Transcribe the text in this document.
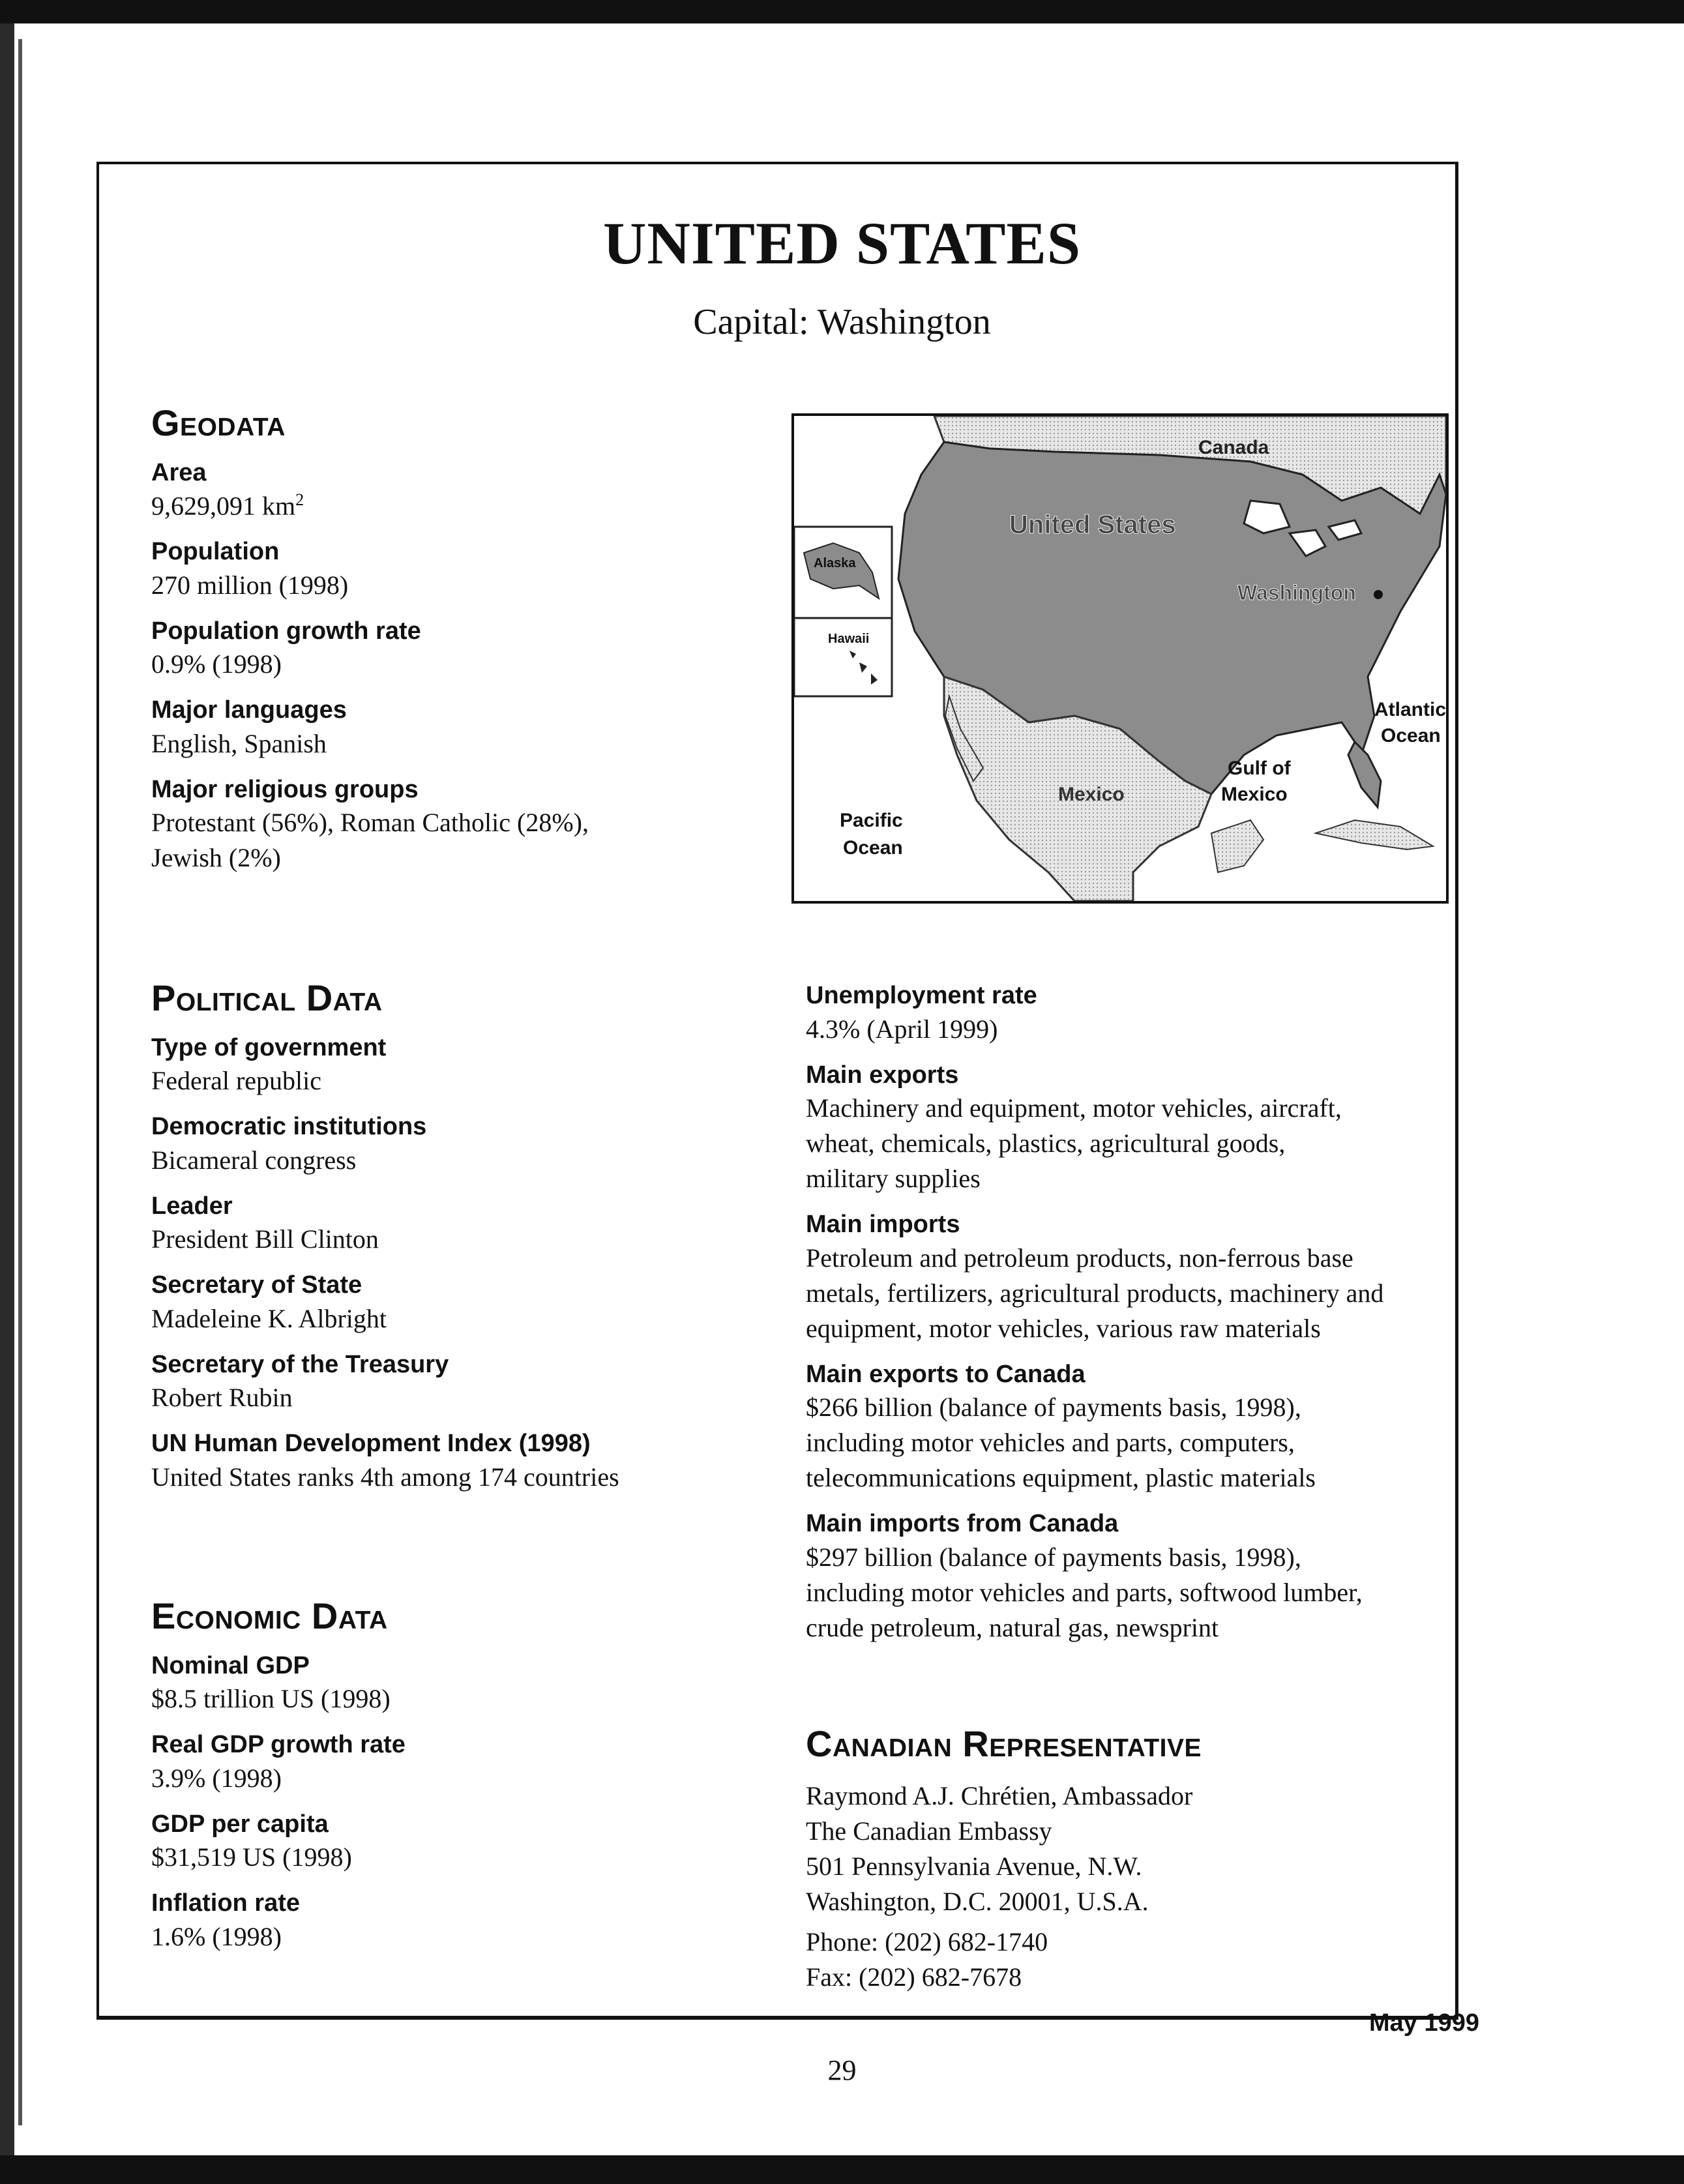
UNITED STATES
Capital: Washington
Geodata
Area
9,629,091 $km^2$
Population
270 million (1998)
Population growth rate
0.9% (1998)
Major languages
English, Spanish
Major religious groups
Protestant (56%), Roman Catholic (28%),
Jewish (2%)
Canada
United States
Alaska
Hawaii
Washington
Atlantic
Ocean
Gulf of
Mexico
Mexico
Pacific
Ocean
Political Data
Type of government
Federal republic
Democratic institutions
Bicameral congress
Leader
President Bill Clinton
Secretary of State
Madeleine K. Albright
Secretary of the Treasury
Robert Rubin
UN Human Development Index (1998)
United States ranks 4th among 174 countries
Economic Data
Nominal GDP
$8.5 trillion US (1998)
Real GDP growth rate
3.9% (1998)
GDP per capita
$31,519 US (1998)
Inflation rate
1.6% (1998)
Unemployment rate
4.3% (April 1999)
Main exports
Machinery and equipment, motor vehicles, aircraft,
wheat, chemicals, plastics, agricultural goods,
military supplies
Main imports
Petroleum and petroleum products, non-ferrous base
metals, fertilizers, agricultural products, machinery and
equipment, motor vehicles, various raw materials
Main exports to Canada
$266 billion (balance of payments basis, 1998),
including motor vehicles and parts, computers,
telecommunications equipment, plastic materials
Main imports from Canada
$297 billion (balance of payments basis, 1998),
including motor vehicles and parts, softwood lumber,
crude petroleum, natural gas, newsprint
Canadian Representative
Raymond A.J. Chrétien, Ambassador
The Canadian Embassy
501 Pennsylvania Avenue, N.W.
Washington, D.C. 20001, U.S.A.
Phone: (202) 682-1740
Fax: (202) 682-7678
May 1999
29
